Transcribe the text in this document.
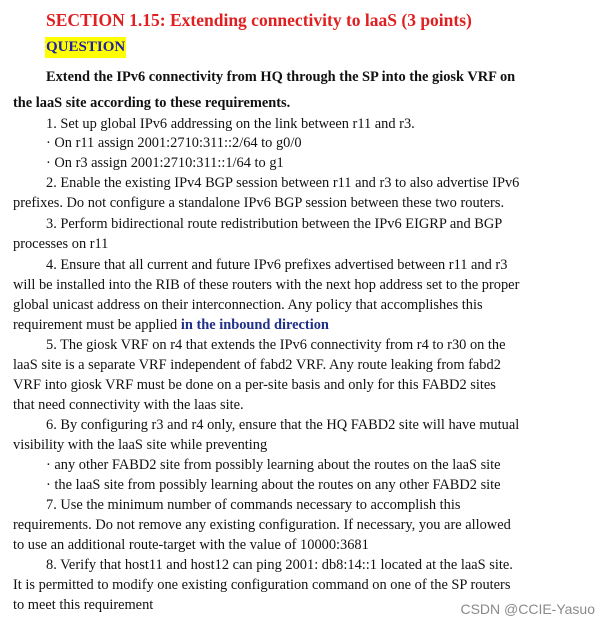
SECTION 1.15: Extending connectivity to laaS (3 points)
QUESTION
Extend the IPv6 connectivity from HQ through the SP into the giosk VRF on
the laaS site according to these requirements.
1. Set up global IPv6 addressing on the link between r11 and r3.
· On r11 assign 2001:2710:311::2/64 to g0/0
· On r3 assign 2001:2710:311::1/64 to g1
2. Enable the existing IPv4 BGP session between r11 and r3 to also advertise IPv6
prefixes. Do not configure a standalone IPv6 BGP session between these two routers.
3. Perform bidirectional route redistribution between the IPv6 EIGRP and BGP
processes on r11
4. Ensure that all current and future IPv6 prefixes advertised between r11 and r3
will be installed into the RIB of these routers with the next hop address set to the proper
global unicast address on their interconnection. Any policy that accomplishes this
requirement must be applied in the inbound direction
5. The giosk VRF on r4 that extends the IPv6 connectivity from r4 to r30 on the
laaS site is a separate VRF independent of fabd2 VRF. Any route leaking from fabd2
VRF into giosk VRF must be done on a per-site basis and only for this FABD2 sites
that need connectivity with the laas site.
6. By configuring r3 and r4 only, ensure that the HQ FABD2 site will have mutual
visibility with the laaS site while preventing
· any other FABD2 site from possibly learning about the routes on the laaS site
· the laaS site from possibly learning about the routes on any other FABD2 site
7. Use the minimum number of commands necessary to accomplish this
requirements. Do not remove any existing configuration. If necessary, you are allowed
to use an additional route-target with the value of 10000:3681
8. Verify that host11 and host12 can ping 2001: db8:14::1 located at the laaS site.
It is permitted to modify one existing configuration command on one of the SP routers
to meet this requirement	CSDN @CCIE-Yasuo
